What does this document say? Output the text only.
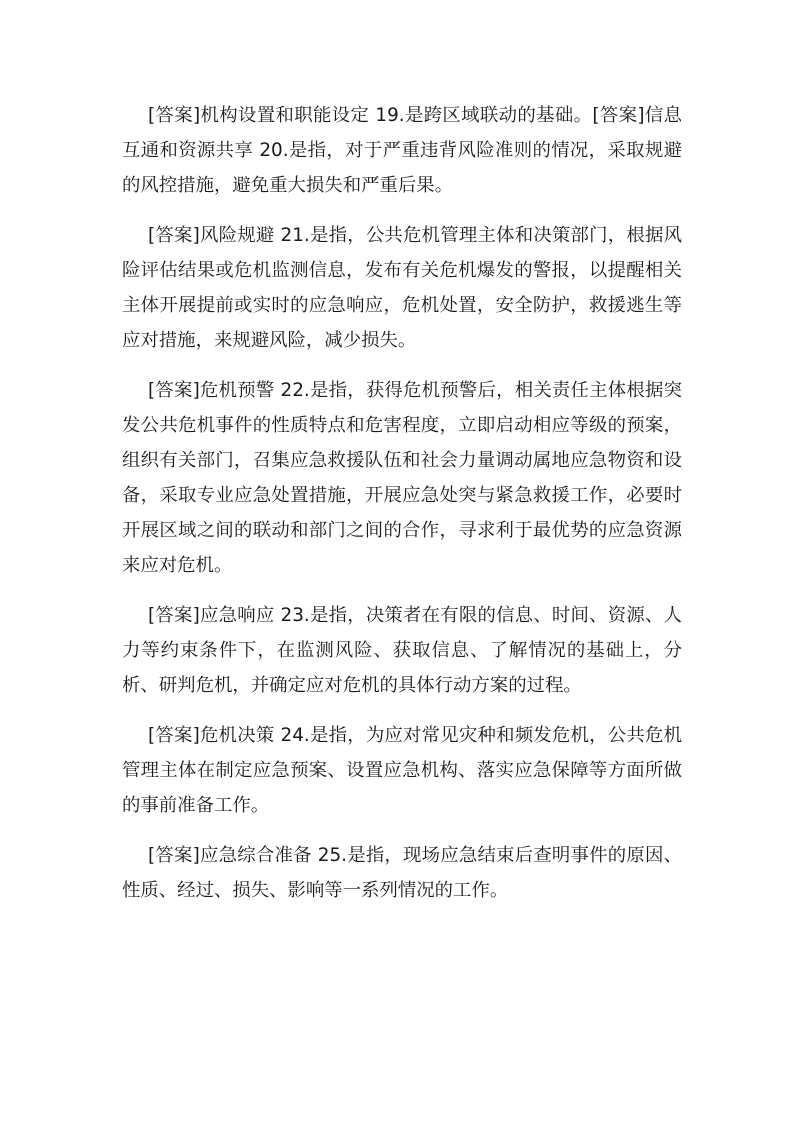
[答案]机构设置和职能设定 19.是跨区域联动的基础。[答案]信息互通和资源共享 20.是指，对于严重违背风险准则的情况，采取规避的风控措施，避免重大损失和严重后果。

[答案]风险规避 21.是指，公共危机管理主体和决策部门，根据风险评估结果或危机监测信息，发布有关危机爆发的警报，以提醒相关主体开展提前或实时的应急响应，危机处置，安全防护，救援逃生等应对措施，来规避风险，减少损失。

[答案]危机预警 22.是指，获得危机预警后，相关责任主体根据突发公共危机事件的性质特点和危害程度，立即启动相应等级的预案，组织有关部门，召集应急救援队伍和社会力量调动属地应急物资和设备，采取专业应急处置措施，开展应急处突与紧急救援工作，必要时开展区域之间的联动和部门之间的合作，寻求利于最优势的应急资源来应对危机。

[答案]应急响应 23.是指，决策者在有限的信息、时间、资源、人力等约束条件下，在监测风险、获取信息、了解情况的基础上，分析、研判危机，并确定应对危机的具体行动方案的过程。

[答案]危机决策 24.是指，为应对常见灾种和频发危机，公共危机管理主体在制定应急预案、设置应急机构、落实应急保障等方面所做的事前准备工作。

[答案]应急综合准备 25.是指，现场应急结束后查明事件的原因、性质、经过、损失、影响等一系列情况的工作。
